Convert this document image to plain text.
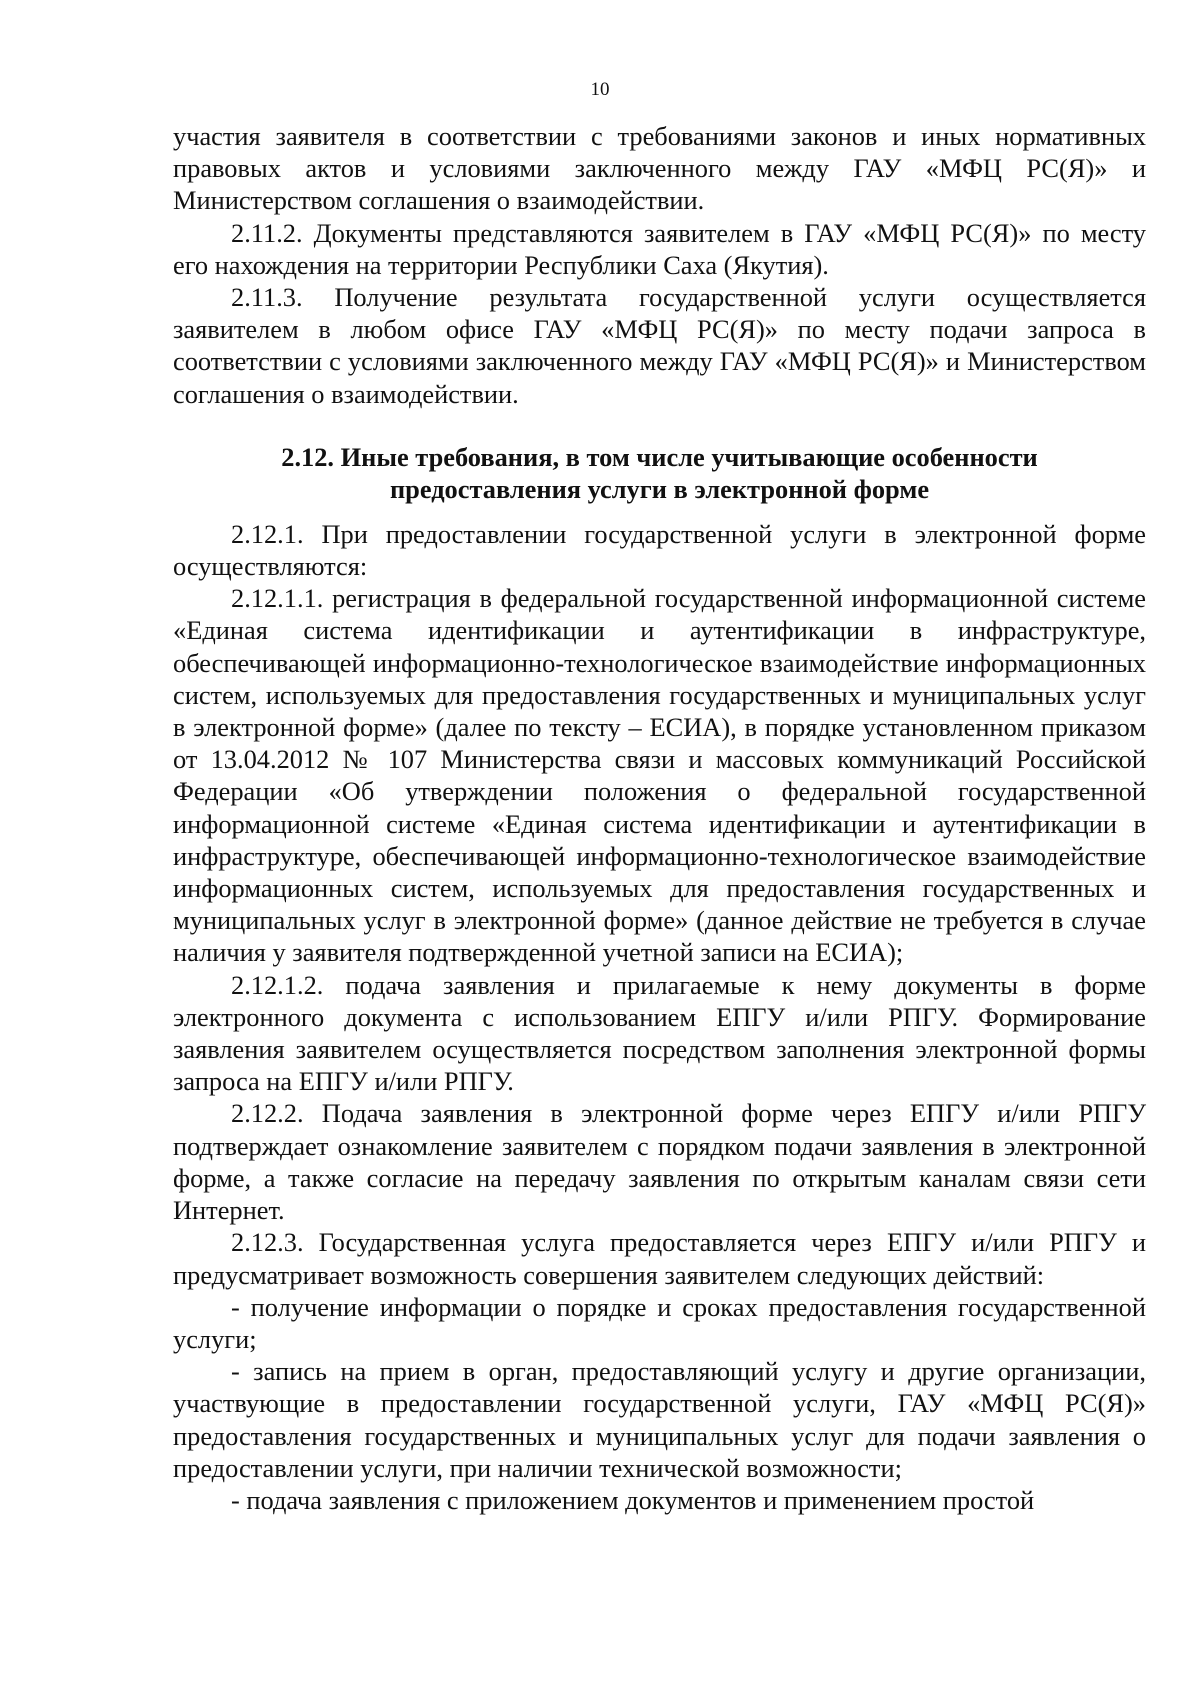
10

участия заявителя в соответствии с требованиями законов и иных нормативных правовых актов и условиями заключенного между ГАУ «МФЦ РС(Я)» и Министерством соглашения о взаимодействии.

2.11.2. Документы представляются заявителем в ГАУ «МФЦ РС(Я)» по месту его нахождения на территории Республики Саха (Якутия).

2.11.3. Получение результата государственной услуги осуществляется заявителем в любом офисе ГАУ «МФЦ РС(Я)» по месту подачи запроса в соответствии с условиями заключенного между ГАУ «МФЦ РС(Я)» и Министерством соглашения о взаимодействии.

2.12. Иные требования, в том числе учитывающие особенности
предоставления услуги в электронной форме

2.12.1. При предоставлении государственной услуги в электронной форме осуществляются:

2.12.1.1. регистрация в федеральной государственной информационной системе «Единая система идентификации и аутентификации в инфраструктуре, обеспечивающей информационно-технологическое взаимодействие информационных систем, используемых для предоставления государственных и муниципальных услуг в электронной форме» (далее по тексту – ЕСИА), в порядке установленном приказом от 13.04.2012 № 107 Министерства связи и массовых коммуникаций Российской Федерации «Об утверждении положения о федеральной государственной информационной системе «Единая система идентификации и аутентификации в инфраструктуре, обеспечивающей информационно-технологическое взаимодействие информационных систем, используемых для предоставления государственных и муниципальных услуг в электронной форме» (данное действие не требуется в случае наличия у заявителя подтвержденной учетной записи на ЕСИА);

2.12.1.2. подача заявления и прилагаемые к нему документы в форме электронного документа с использованием ЕПГУ и/или РПГУ. Формирование заявления заявителем осуществляется посредством заполнения электронной формы запроса на ЕПГУ и/или РПГУ.

2.12.2. Подача заявления в электронной форме через ЕПГУ и/или РПГУ подтверждает ознакомление заявителем с порядком подачи заявления в электронной форме, а также согласие на передачу заявления по открытым каналам связи сети Интернет.

2.12.3. Государственная услуга предоставляется через ЕПГУ и/или РПГУ и предусматривает возможность совершения заявителем следующих действий:

- получение информации о порядке и сроках предоставления государственной услуги;

- запись на прием в орган, предоставляющий услугу и другие организации, участвующие в предоставлении государственной услуги, ГАУ «МФЦ РС(Я)» предоставления государственных и муниципальных услуг для подачи заявления о предоставлении услуги, при наличии технической возможности;

- подача заявления с приложением документов и применением простой
